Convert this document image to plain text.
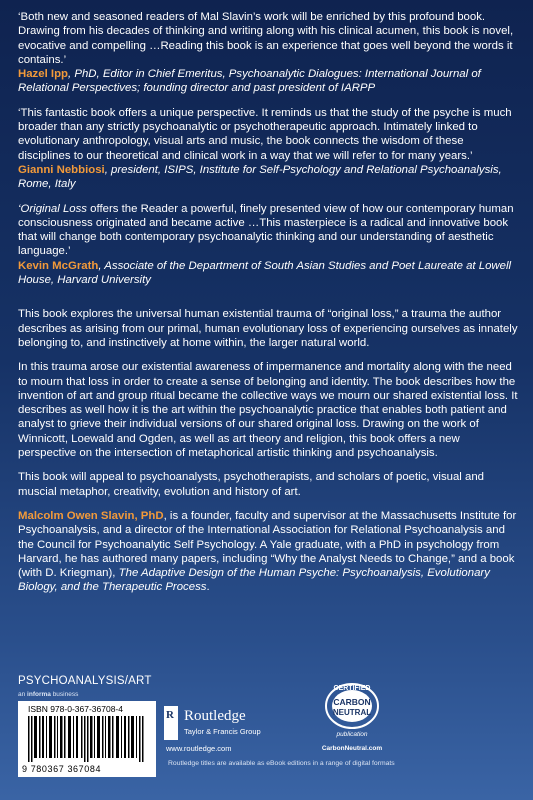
‘Both new and seasoned readers of Mal Slavin’s work will be enriched by this profound book. Drawing from his decades of thinking and writing along with his clinical acumen, this book is novel, evocative and compelling …Reading this book is an experience that goes well beyond the words it contains.’

Hazel Ipp, PhD, Editor in Chief Emeritus, Psychoanalytic Dialogues: International Journal of Relational Perspectives; founding director and past president of IARPP

‘This fantastic book offers a unique perspective. It reminds us that the study of the psyche is much broader than any strictly psychoanalytic or psychotherapeutic approach. Intimately linked to evolutionary anthropology, visual arts and music, the book connects the wisdom of these disciplines to our theoretical and clinical work in a way that we will refer to for many years.’

Gianni Nebbiosi, president, ISIPS, Institute for Self-Psychology and Relational Psychoanalysis, Rome, Italy

‘Original Loss offers the Reader a powerful, finely presented view of how our contemporary human consciousness originated and became active …This masterpiece is a radical and innovative book that will change both contemporary psychoanalytic thinking and our understanding of aesthetic language.’

Kevin McGrath, Associate of the Department of South Asian Studies and Poet Laureate at Lowell House, Harvard University

This book explores the universal human existential trauma of “original loss,” a trauma the author describes as arising from our primal, human evolutionary loss of experiencing ourselves as innately belonging to, and instinctively at home within, the larger natural world.

In this trauma arose our existential awareness of impermanence and mortality along with the need to mourn that loss in order to create a sense of belonging and identity. The book describes how the invention of art and group ritual became the collective ways we mourn our shared existential loss. It describes as well how it is the art within the psychoanalytic practice that enables both patient and analyst to grieve their individual versions of our shared original loss. Drawing on the work of Winnicott, Loewald and Ogden, as well as art theory and religion, this book offers a new perspective on the intersection of metaphorical artistic thinking and psychoanalysis.

This book will appeal to psychoanalysts, psychotherapists, and scholars of poetic, visual and muscial metaphor, creativity, evolution and history of art.

Malcolm Owen Slavin, PhD, is a founder, faculty and supervisor at the Massachusetts Institute for Psychoanalysis, and a director of the International Association for Relational Psychoanalysis and the Council for Psychoanalytic Self Psychology. A Yale graduate, with a PhD in psychology from Harvard, he has authored many papers, including “Why the Analyst Needs to Change,” and a book (with D. Kriegman), The Adaptive Design of the Human Psyche: Psychoanalysis, Evolutionary Biology, and the Therapeutic Process.

PSYCHOANALYSIS/ART
an informa business
ISBN 978-0-367-36708-4
9 780367 367084
R Routledge
Taylor & Francis Group
www.routledge.com
CERTIFIED
CARBON
NEUTRAL
publication
CarbonNeutral.com
Routledge titles are available as eBook editions in a range of digital formats
